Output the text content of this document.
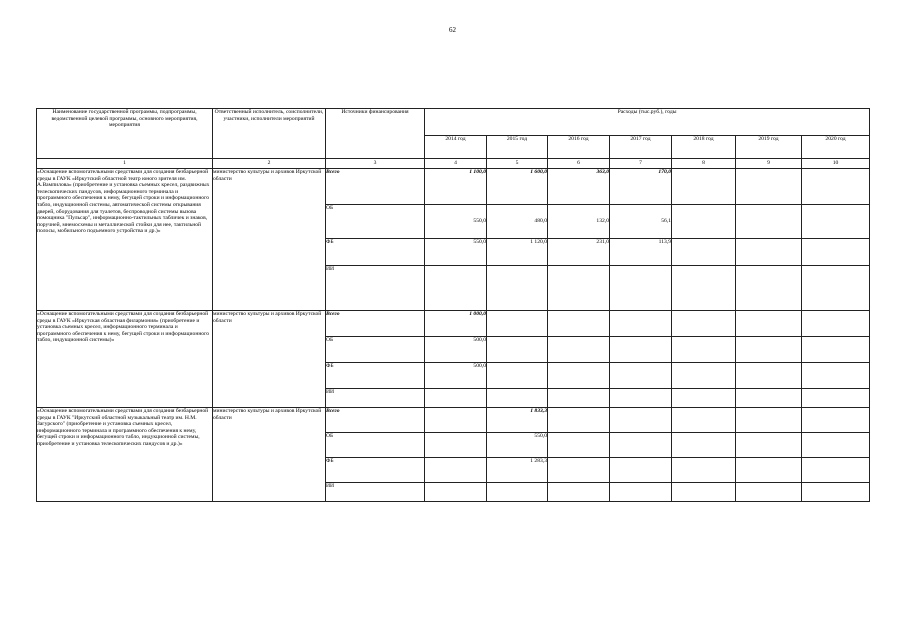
62
Наименование государственной программы, подпрограммы, ведомственной целевой программы, основного мероприятия, мероприятия	Ответственный исполнитель, соисполнители, участники, исполнители мероприятий	Источники финансирования	Расходы (тыс.руб.), годы						
			2014 год	2015 год	2016 год	2017 год	2018 год	2019 год	2020 год
1	2	3	4	5	6	7	8	9	10
«Оснащение вспомогательными средствами для создания безбарьерной среды в ГАУК «Иркутский областной театр юного зрителя им. А.Вампилова» (приобретение и установка съемных кресел, раздвижных телескопических пандусов, информационного терминала и программного обеспечения к нему, бегущей строки и информационного табло, индукционной системы, автоматической системы открывания дверей, оборудования для туалетов, беспроводной системы вызова помощника "Пульсар", информационно-тактильных табличек и знаков, поручней, мнемосхемы и металлической стойки для нее, тактильной полосы, мобильного подъемного устройства и др.)»	министерство культуры и архивов Иркутской области	Всего	1 100,0	1 600,0	363,0	170,0			
		ОБ	550,0	480,0	132,0	56,1			
		ФБ	550,0	1 120,0	231,0	113,9			
		ИИ							
«Оснащение вспомогательными средствами для создания безбарьерной среды в ГАУК «Иркутская областная филармония» (приобретение и установка съемных кресел, информационного терминала и программного обеспечения к нему, бегущей строки и информационного табло, индукционной системы)»	министерство культуры и архивов Иркутской области	Всего	1 000,0						
		ОБ	500,0						
		ФБ	500,0						
		ИИ							
«Оснащение вспомогательными средствами для создания безбарьерной среды в ГАУК "Иркутский областной музыкальный театр им. Н.М. Загурского" (приобретение и установка съемных кресел, информационного терминала и программного обеспечения к нему, бегущей строки и информационного табло, индукционной системы, приобретение и установка телескопических пандусов и др.)»	министерство культуры и архивов Иркутской области	Всего		1 833,3					
		ОБ		550,0					
		ФБ		1 283,3					
		ИИ							
